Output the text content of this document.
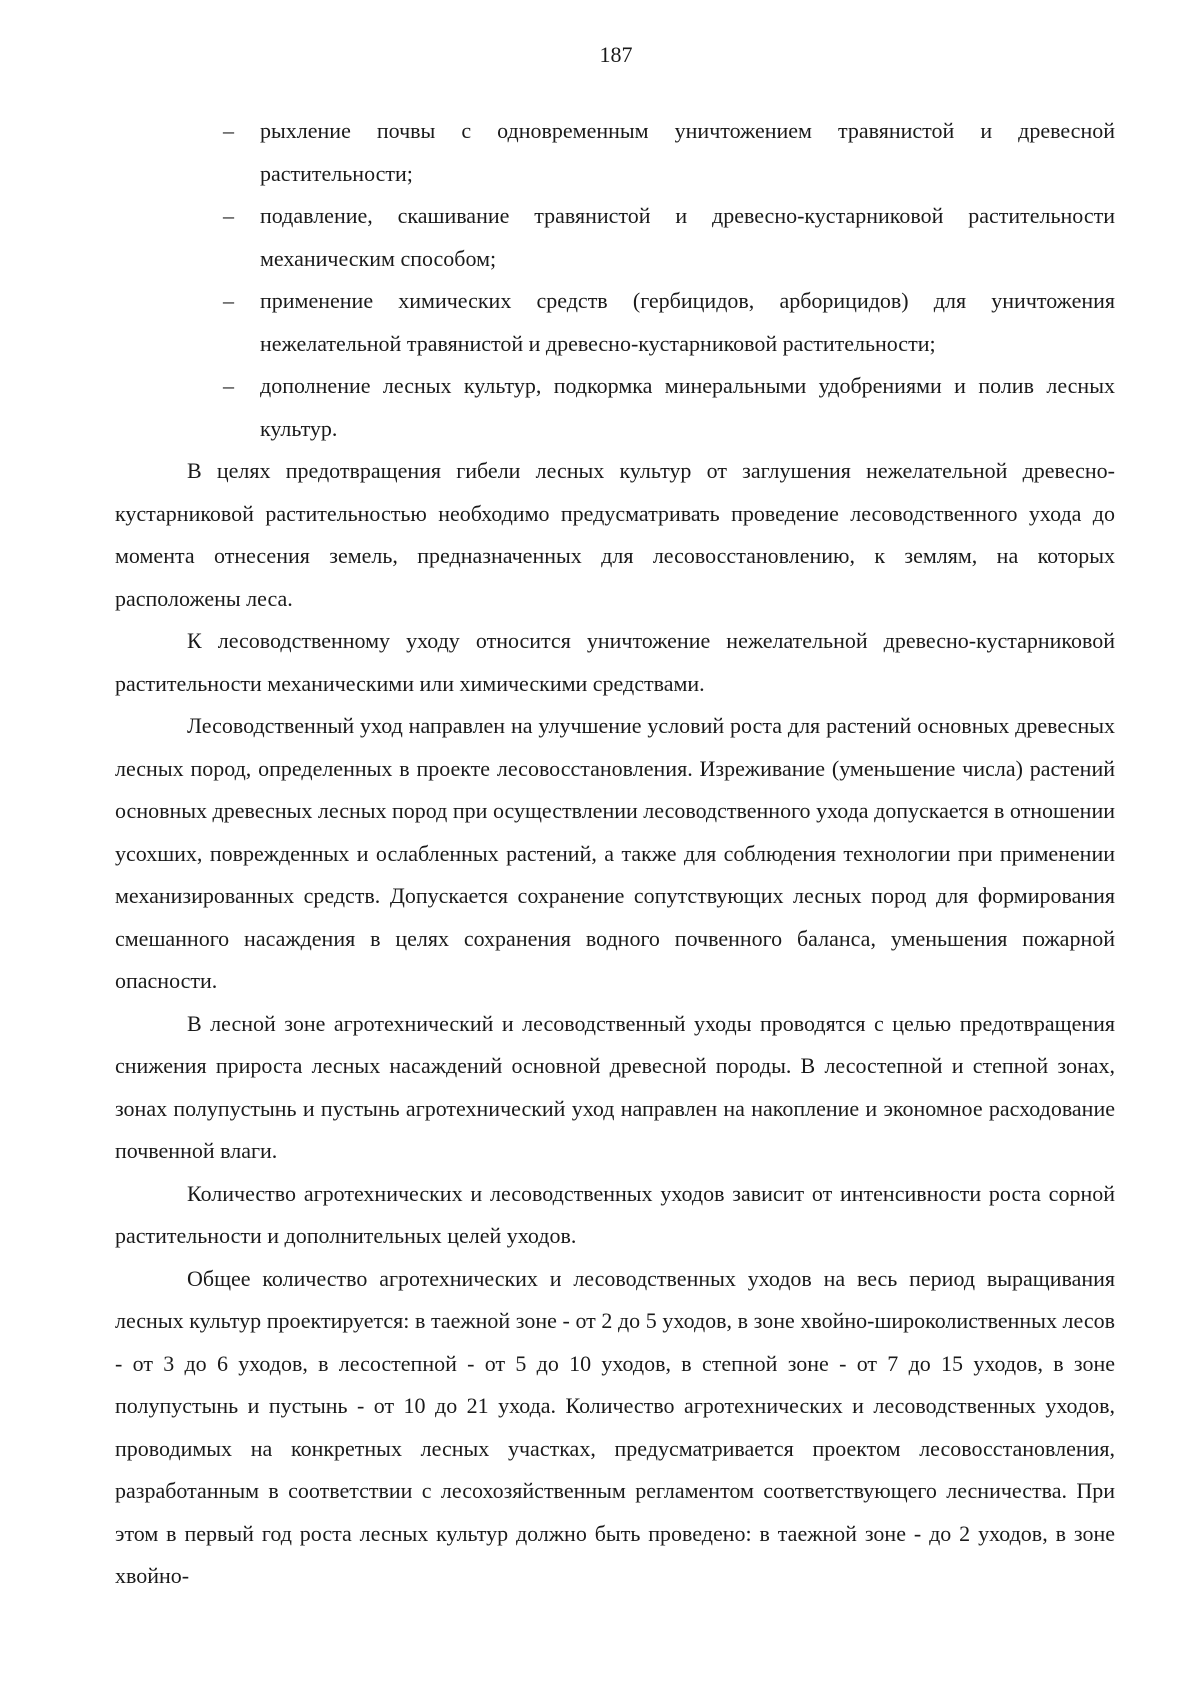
187
– рыхление почвы с одновременным уничтожением травянистой и древесной растительности;
– подавление, скашивание травянистой и древесно-кустарниковой растительности механическим способом;
– применение химических средств (гербицидов, арборицидов) для уничтожения нежелательной травянистой и древесно-кустарниковой растительности;
– дополнение лесных культур, подкормка минеральными удобрениями и полив лесных культур.

В целях предотвращения гибели лесных культур от заглушения нежелательной древесно-кустарниковой растительностью необходимо предусматривать проведение лесоводственного ухода до момента отнесения земель, предназначенных для лесовосстановлению, к землям, на которых расположены леса.

К лесоводственному уходу относится уничтожение нежелательной древесно-кустарниковой растительности механическими или химическими средствами.

Лесоводственный уход направлен на улучшение условий роста для растений основных древесных лесных пород, определенных в проекте лесовосстановления. Изреживание (уменьшение числа) растений основных древесных лесных пород при осуществлении лесоводственного ухода допускается в отношении усохших, поврежденных и ослабленных растений, а также для соблюдения технологии при применении механизированных средств. Допускается сохранение сопутствующих лесных пород для формирования смешанного насаждения в целях сохранения водного почвенного баланса, уменьшения пожарной опасности.

В лесной зоне агротехнический и лесоводственный уходы проводятся с целью предотвращения снижения прироста лесных насаждений основной древесной породы. В лесостепной и степной зонах, зонах полупустынь и пустынь агротехнический уход направлен на накопление и экономное расходование почвенной влаги.

Количество агротехнических и лесоводственных уходов зависит от интенсивности роста сорной растительности и дополнительных целей уходов.

Общее количество агротехнических и лесоводственных уходов на весь период выращивания лесных культур проектируется: в таежной зоне - от 2 до 5 уходов, в зоне хвойно-широколиственных лесов - от 3 до 6 уходов, в лесостепной - от 5 до 10 уходов, в степной зоне - от 7 до 15 уходов, в зоне полупустынь и пустынь - от 10 до 21 ухода. Количество агротехнических и лесоводственных уходов, проводимых на конкретных лесных участках, предусматривается проектом лесовосстановления, разработанным в соответствии с лесохозяйственным регламентом соответствующего лесничества. При этом в первый год роста лесных культур должно быть проведено: в таежной зоне - до 2 уходов, в зоне хвойно-
